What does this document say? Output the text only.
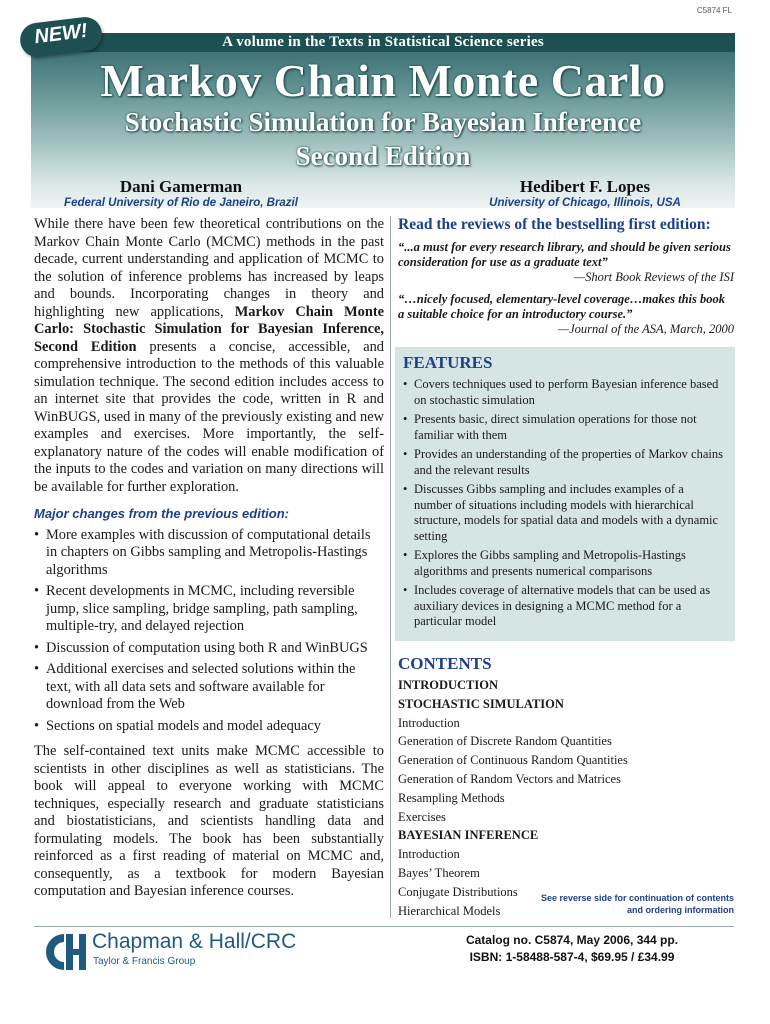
C5874 FL
A volume in the Texts in Statistical Science series
Markov Chain Monte Carlo
Stochastic Simulation for Bayesian Inference
Second Edition
Dani Gamerman
Federal University of Rio de Janeiro, Brazil
Hedibert F. Lopes
University of Chicago, Illinois, USA
NEW!

While there have been few theoretical contributions on the Markov Chain Monte Carlo (MCMC) methods in the past decade, current understanding and application of MCMC to the solution of inference problems has increased by leaps and bounds. Incorporating changes in theory and highlighting new applications, Markov Chain Monte Carlo: Stochastic Simulation for Bayesian Inference, Second Edition presents a concise, accessible, and comprehensive introduction to the methods of this valuable simulation technique. The second edition includes access to an internet site that provides the code, written in R and WinBUGS, used in many of the previously existing and new examples and exercises. More importantly, the self-explanatory nature of the codes will enable modification of the inputs to the codes and variation on many directions will be available for further exploration.

Major changes from the previous edition:
• More examples with discussion of computational details in chapters on Gibbs sampling and Metropolis-Hastings algorithms
• Recent developments in MCMC, including reversible jump, slice sampling, bridge sampling, path sampling, multiple-try, and delayed rejection
• Discussion of computation using both R and WinBUGS
• Additional exercises and selected solutions within the text, with all data sets and software available for download from the Web
• Sections on spatial models and model adequacy

The self-contained text units make MCMC accessible to scientists in other disciplines as well as statisticians. The book will appeal to everyone working with MCMC techniques, especially research and graduate statisticians and biostatisticians, and scientists handling data and formulating models. The book has been substantially reinforced as a first reading of material on MCMC and, consequently, as a textbook for modern Bayesian computation and Bayesian inference courses.

Read the reviews of the bestselling first edition:

“...a must for every research library, and should be given serious consideration for use as a graduate text”

—Short Book Reviews of the ISI

“…nicely focused, elementary-level coverage…makes this book a suitable choice for an introductory course.”

—Journal of the ASA, March, 2000

FEATURES
• Covers techniques used to perform Bayesian inference based on stochastic simulation
• Presents basic, direct simulation operations for those not familiar with them
• Provides an understanding of the properties of Markov chains and the relevant results
• Discusses Gibbs sampling and includes examples of a number of situations including models with hierarchical structure, models for spatial data and models with a dynamic setting
• Explores the Gibbs sampling and Metropolis-Hastings algorithms and presents numerical comparisons
• Includes coverage of alternative models that can be used as auxiliary devices in designing a MCMC method for a particular model
CONTENTS
INTRODUCTION
STOCHASTIC SIMULATION
Introduction
Generation of Discrete Random Quantities
Generation of Continuous Random Quantities
Generation of Random Vectors and Matrices
Resampling Methods
Exercises
BAYESIAN INFERENCE
Introduction
Bayes’ Theorem
Conjugate Distributions
Hierarchical Models
See reverse side for continuation of contents
and ordering information
Chapman & Hall/CRC
Taylor & Francis Group
Catalog no. C5874, May 2006, 344 pp.
ISBN: 1-58488-587-4, $69.95 / £34.99
